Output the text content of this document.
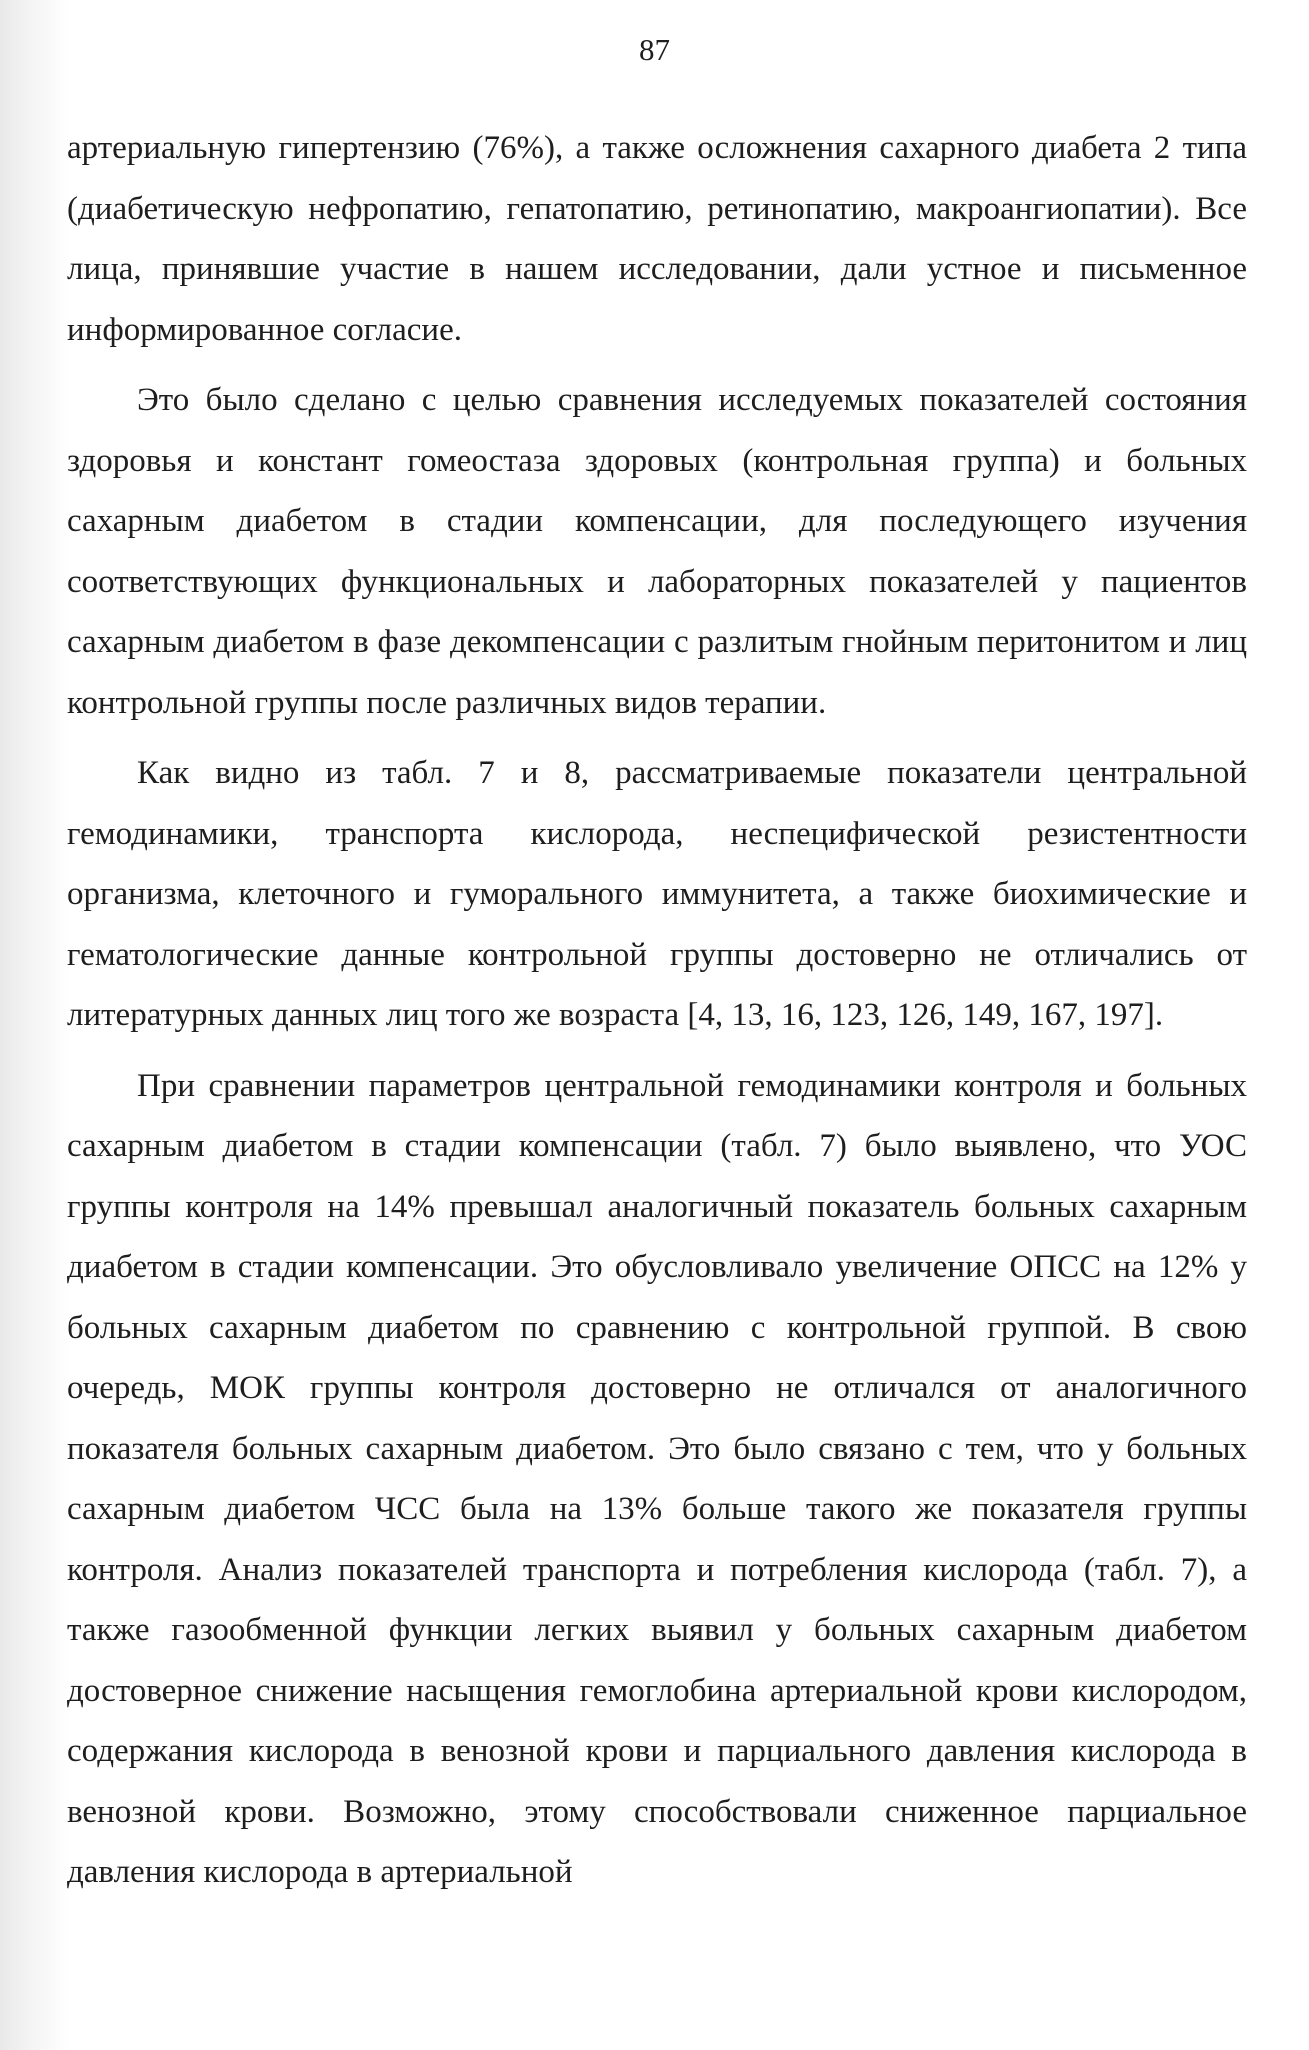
87

артериальную гипертензию (76%), а также осложнения сахарного диабета 2 типа (диабетическую нефропатию, гепатопатию, ретинопатию, макроангиопатии). Все лица, принявшие участие в нашем исследовании, дали устное и письменное информированное согласие.

Это было сделано с целью сравнения исследуемых показателей состояния здоровья и констант гомеостаза здоровых (контрольная группа) и больных сахарным диабетом в стадии компенсации, для последующего изучения соответствующих функциональных и лабораторных показателей у пациентов сахарным диабетом в фазе декомпенсации с разлитым гнойным перитонитом и лиц контрольной группы после различных видов терапии.

Как видно из табл. 7 и 8, рассматриваемые показатели центральной гемодинамики, транспорта кислорода, неспецифической резистентности организма, клеточного и гуморального иммунитета, а также биохимические и гематологические данные контрольной группы достоверно не отличались от литературных данных лиц того же возраста [4, 13, 16, 123, 126, 149, 167, 197].

При сравнении параметров центральной гемодинамики контроля и больных сахарным диабетом в стадии компенсации (табл. 7) было выявлено, что УОС группы контроля на 14% превышал аналогичный показатель больных сахарным диабетом в стадии компенсации. Это обусловливало увеличение ОПСС на 12% у больных сахарным диабетом по сравнению с контрольной группой. В свою очередь, МОК группы контроля достоверно не отличался от аналогичного показателя больных сахарным диабетом. Это было связано с тем, что у больных сахарным диабетом ЧСС была на 13% больше такого же показателя группы контроля. Анализ показателей транспорта и потребления кислорода (табл. 7), а также газообменной функции легких выявил у больных сахарным диабетом достоверное снижение насыщения гемоглобина артериальной крови кислородом, содержания кислорода в венозной крови и парциального давления кислорода в венозной крови. Возможно, этому способствовали сниженное парциальное давления кислорода в артериальной
